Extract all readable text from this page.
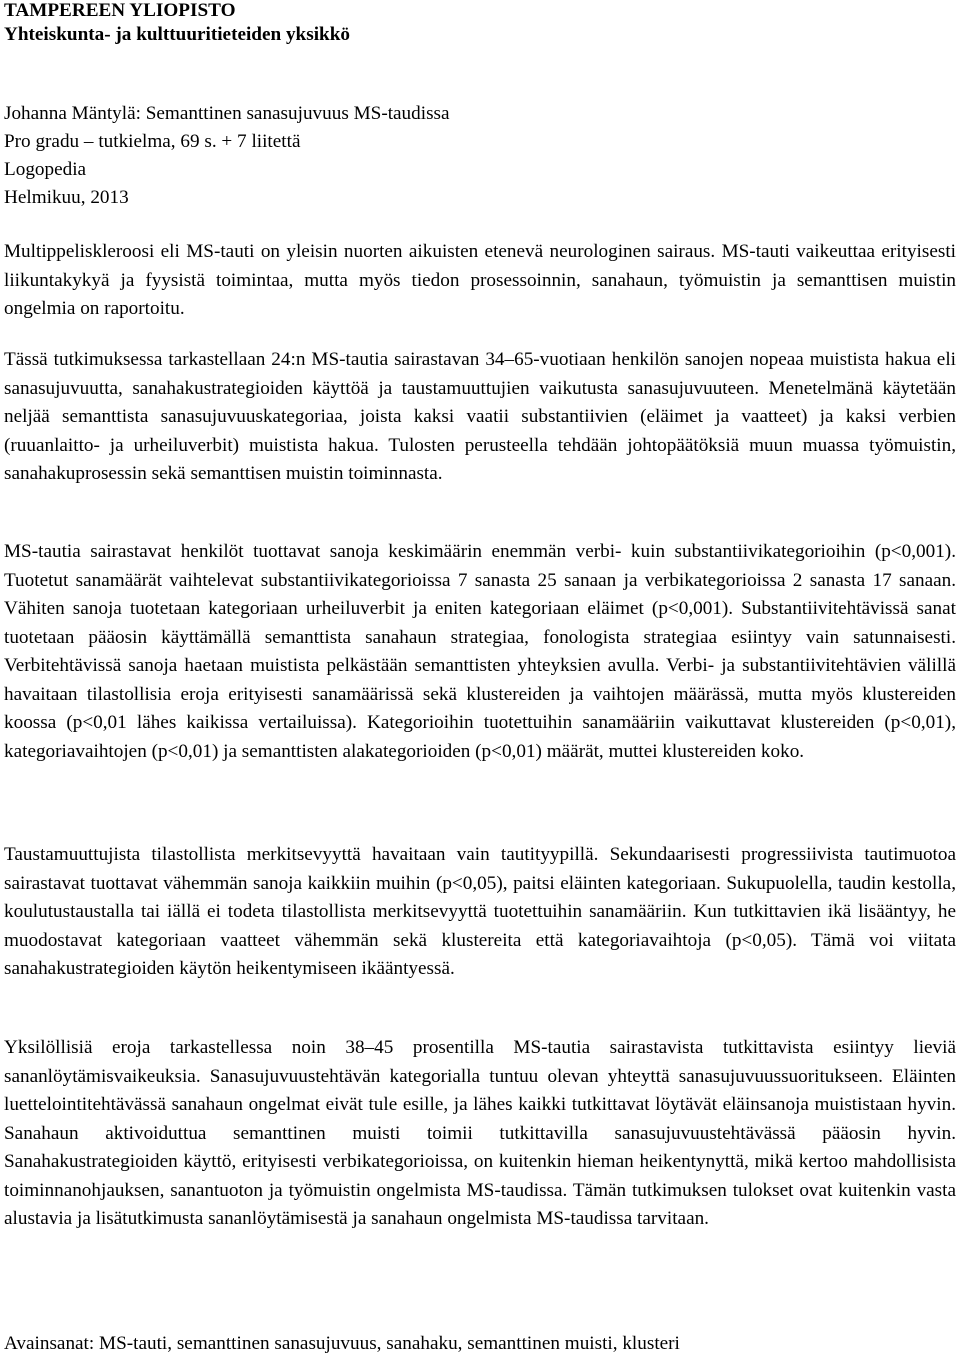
TAMPEREEN YLIOPISTO

Yhteiskunta- ja kulttuuritieteiden yksikkö

Johanna Mäntylä: Semanttinen sanasujuvuus MS-taudissa

Pro gradu – tutkielma, 69 s. + 7 liitettä

Logopedia

Helmikuu, 2013

Multippeliskleroosi eli MS-tauti on yleisin nuorten aikuisten etenevä neurologinen sairaus. MS-tauti vaikeuttaa erityisesti liikuntakykyä ja fyysistä toimintaa, mutta myös tiedon prosessoinnin, sanahaun, työmuistin ja semanttisen muistin ongelmia on raportoitu.

Tässä tutkimuksessa tarkastellaan 24:n MS-tautia sairastavan 34–65-vuotiaan henkilön sanojen nopeaa muistista hakua eli sanasujuvuutta, sanahakustrategioiden käyttöä ja taustamuuttujien vaikutusta sanasujuvuuteen. Menetelmänä käytetään neljää semanttista sanasujuvuuskategoriaa, joista kaksi vaatii substantiivien (eläimet ja vaatteet) ja kaksi verbien (ruuanlaitto- ja urheiluverbit) muistista hakua. Tulosten perusteella tehdään johtopäätöksiä muun muassa työmuistin, sanahakuprosessin sekä semanttisen muistin toiminnasta.

MS-tautia sairastavat henkilöt tuottavat sanoja keskimäärin enemmän verbi- kuin substantiivikategorioihin (p<0,001). Tuotetut sanamäärät vaihtelevat substantiivikategorioissa 7 sanasta 25 sanaan ja verbikategorioissa 2 sanasta 17 sanaan. Vähiten sanoja tuotetaan kategoriaan urheiluverbit ja eniten kategoriaan eläimet (p<0,001). Substantiivitehtävissä sanat tuotetaan pääosin käyttämällä semanttista sanahaun strategiaa, fonologista strategiaa esiintyy vain satunnaisesti. Verbitehtävissä sanoja haetaan muistista pelkästään semanttisten yhteyksien avulla. Verbi- ja substantiivitehtävien välillä havaitaan tilastollisia eroja erityisesti sanamäärissä sekä klustereiden ja vaihtojen määrässä, mutta myös klustereiden koossa (p<0,01 lähes kaikissa vertailuissa). Kategorioihin tuotettuihin sanamääriin vaikuttavat klustereiden (p<0,01), kategoriavaihtojen (p<0,01) ja semanttisten alakategorioiden (p<0,01) määrät, muttei klustereiden koko.

Taustamuuttujista tilastollista merkitsevyyttä havaitaan vain tautityypillä. Sekundaarisesti progressiivista tautimuotoa sairastavat tuottavat vähemmän sanoja kaikkiin muihin (p<0,05), paitsi eläinten kategoriaan. Sukupuolella, taudin kestolla, koulutustaustalla tai iällä ei todeta tilastollista merkitsevyyttä tuotettuihin sanamääriin. Kun tutkittavien ikä lisääntyy, he muodostavat kategoriaan vaatteet vähemmän sekä klustereita että kategoriavaihtoja (p<0,05). Tämä voi viitata sanahakustrategioiden käytön heikentymiseen ikääntyessä.

Yksilöllisiä eroja tarkastellessa noin 38–45 prosentilla MS-tautia sairastavista tutkittavista esiintyy lieviä sananlöytämisvaikeuksia. Sanasujuvuustehtävän kategorialla tuntuu olevan yhteyttä sanasujuvuussuoritukseen. Eläinten luettelointitehtävässä sanahaun ongelmat eivät tule esille, ja lähes kaikki tutkittavat löytävät eläinsanoja muististaan hyvin. Sanahaun aktivoiduttua semanttinen muisti toimii tutkittavilla sanasujuvuustehtävässä pääosin hyvin. Sanahakustrategioiden käyttö, erityisesti verbikategorioissa, on kuitenkin hieman heikentynyttä, mikä kertoo mahdollisista toiminnanohjauksen, sanantuoton ja työmuistin ongelmista MS-taudissa. Tämän tutkimuksen tulokset ovat kuitenkin vasta alustavia ja lisätutkimusta sananlöytämisestä ja sanahaun ongelmista MS-taudissa tarvitaan.

Avainsanat: MS-tauti, semanttinen sanasujuvuus, sanahaku, semanttinen muisti, klusteri
